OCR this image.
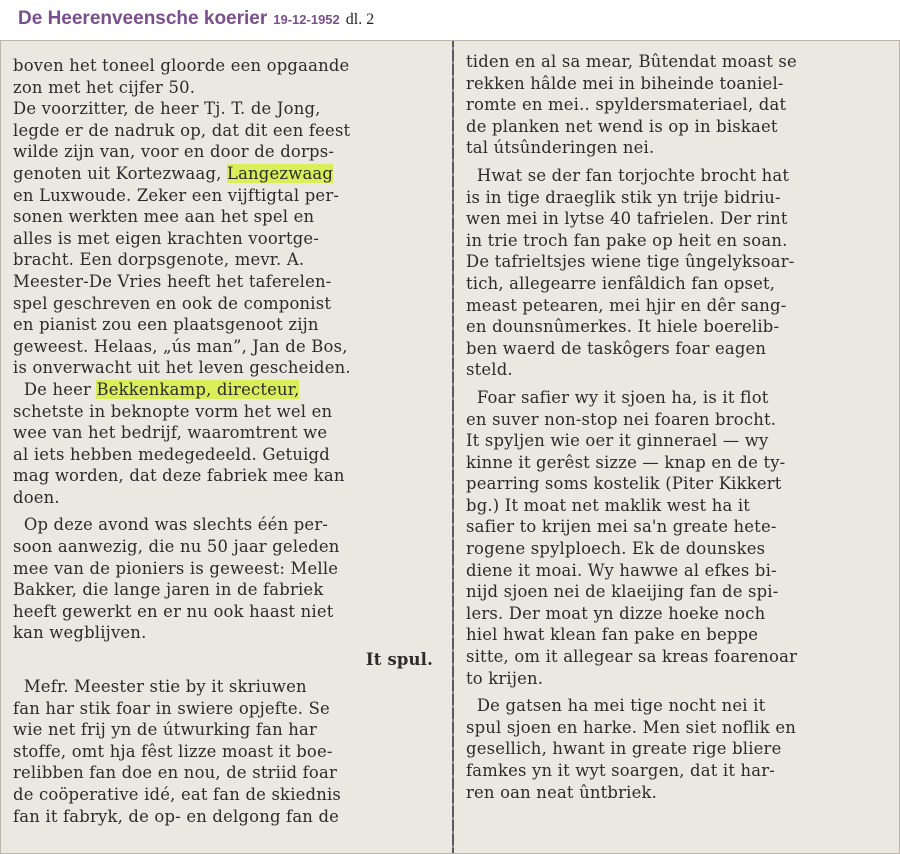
De Heerenveensche koerier 19-12-1952 dl. 2
boven het toneel gloorde een opgaande
zon met het cijfer 50.
De voorzitter, de heer Tj. T. de Jong,
legde er de nadruk op, dat dit een feest
wilde zijn van, voor en door de dorps-
genoten uit Kortezwaag, Langezwaag
en Luxwoude. Zeker een vijftigtal per-
sonen werkten mee aan het spel en
alles is met eigen krachten voortge-
bracht. Een dorpsgenote, mevr. A.
Meester-De Vries heeft het taferelen-
spel geschreven en ook de componist
en pianist zou een plaatsgenoot zijn
geweest. Helaas, „ús man”, Jan de Bos,
is onverwacht uit het leven gescheiden.
De heer Bekkenkamp, directeur,
schetste in beknopte vorm het wel en
wee van het bedrijf, waaromtrent we
al iets hebben medegedeeld. Getuigd
mag worden, dat deze fabriek mee kan
doen.
Op deze avond was slechts één per-
soon aanwezig, die nu 50 jaar geleden
mee van de pioniers is geweest: Melle
Bakker, die lange jaren in de fabriek
heeft gewerkt en er nu ook haast niet
kan wegblijven.
It spul.
Mefr. Meester stie by it skriuwen
fan har stik foar in swiere opjefte. Se
wie net frij yn de útwurking fan har
stoffe, omt hja fêst lizze moast it boe-
relibben fan doe en nou, de striid foar
de coöperative idé, eat fan de skiednis
fan it fabryk, de op- en delgong fan de
tiden en al sa mear, Bûtendat moast se
rekken hâlde mei in biheinde toaniel-
romte en mei.. spyldersmateriael, dat
de planken net wend is op in biskaet
tal útsûnderingen nei.
Hwat se der fan torjochte brocht hat
is in tige draeglik stik yn trije bidriu-
wen mei in lytse 40 tafrielen. Der rint
in trie troch fan pake op heit en soan.
De tafrieltsjes wiene tige ûngelyksoar-
tich, allegearre ienfâldich fan opset,
meast petearen, mei hjir en dêr sang-
en dounsnûmerkes. It hiele boerelib-
ben waerd de taskôgers foar eagen
steld.
Foar safier wy it sjoen ha, is it flot
en suver non-stop nei foaren brocht.
It spyljen wie oer it ginnerael — wy
kinne it gerêst sizze — knap en de ty-
pearring soms kostelik (Piter Kikkert
bg.) It moat net maklik west ha it
safier to krijen mei sa'n greate hete-
rogene spylploech. Ek de dounskes
diene it moai. Wy hawwe al efkes bi-
nijd sjoen nei de klaeijing fan de spi-
lers. Der moat yn dizze hoeke noch
hiel hwat klean fan pake en beppe
sitte, om it allegear sa kreas foarenoar
to krijen.
De gatsen ha mei tige nocht nei it
spul sjoen en harke. Men siet noflik en
gesellich, hwant in greate rige bliere
famkes yn it wyt soargen, dat it har-
ren oan neat ûntbriek.
